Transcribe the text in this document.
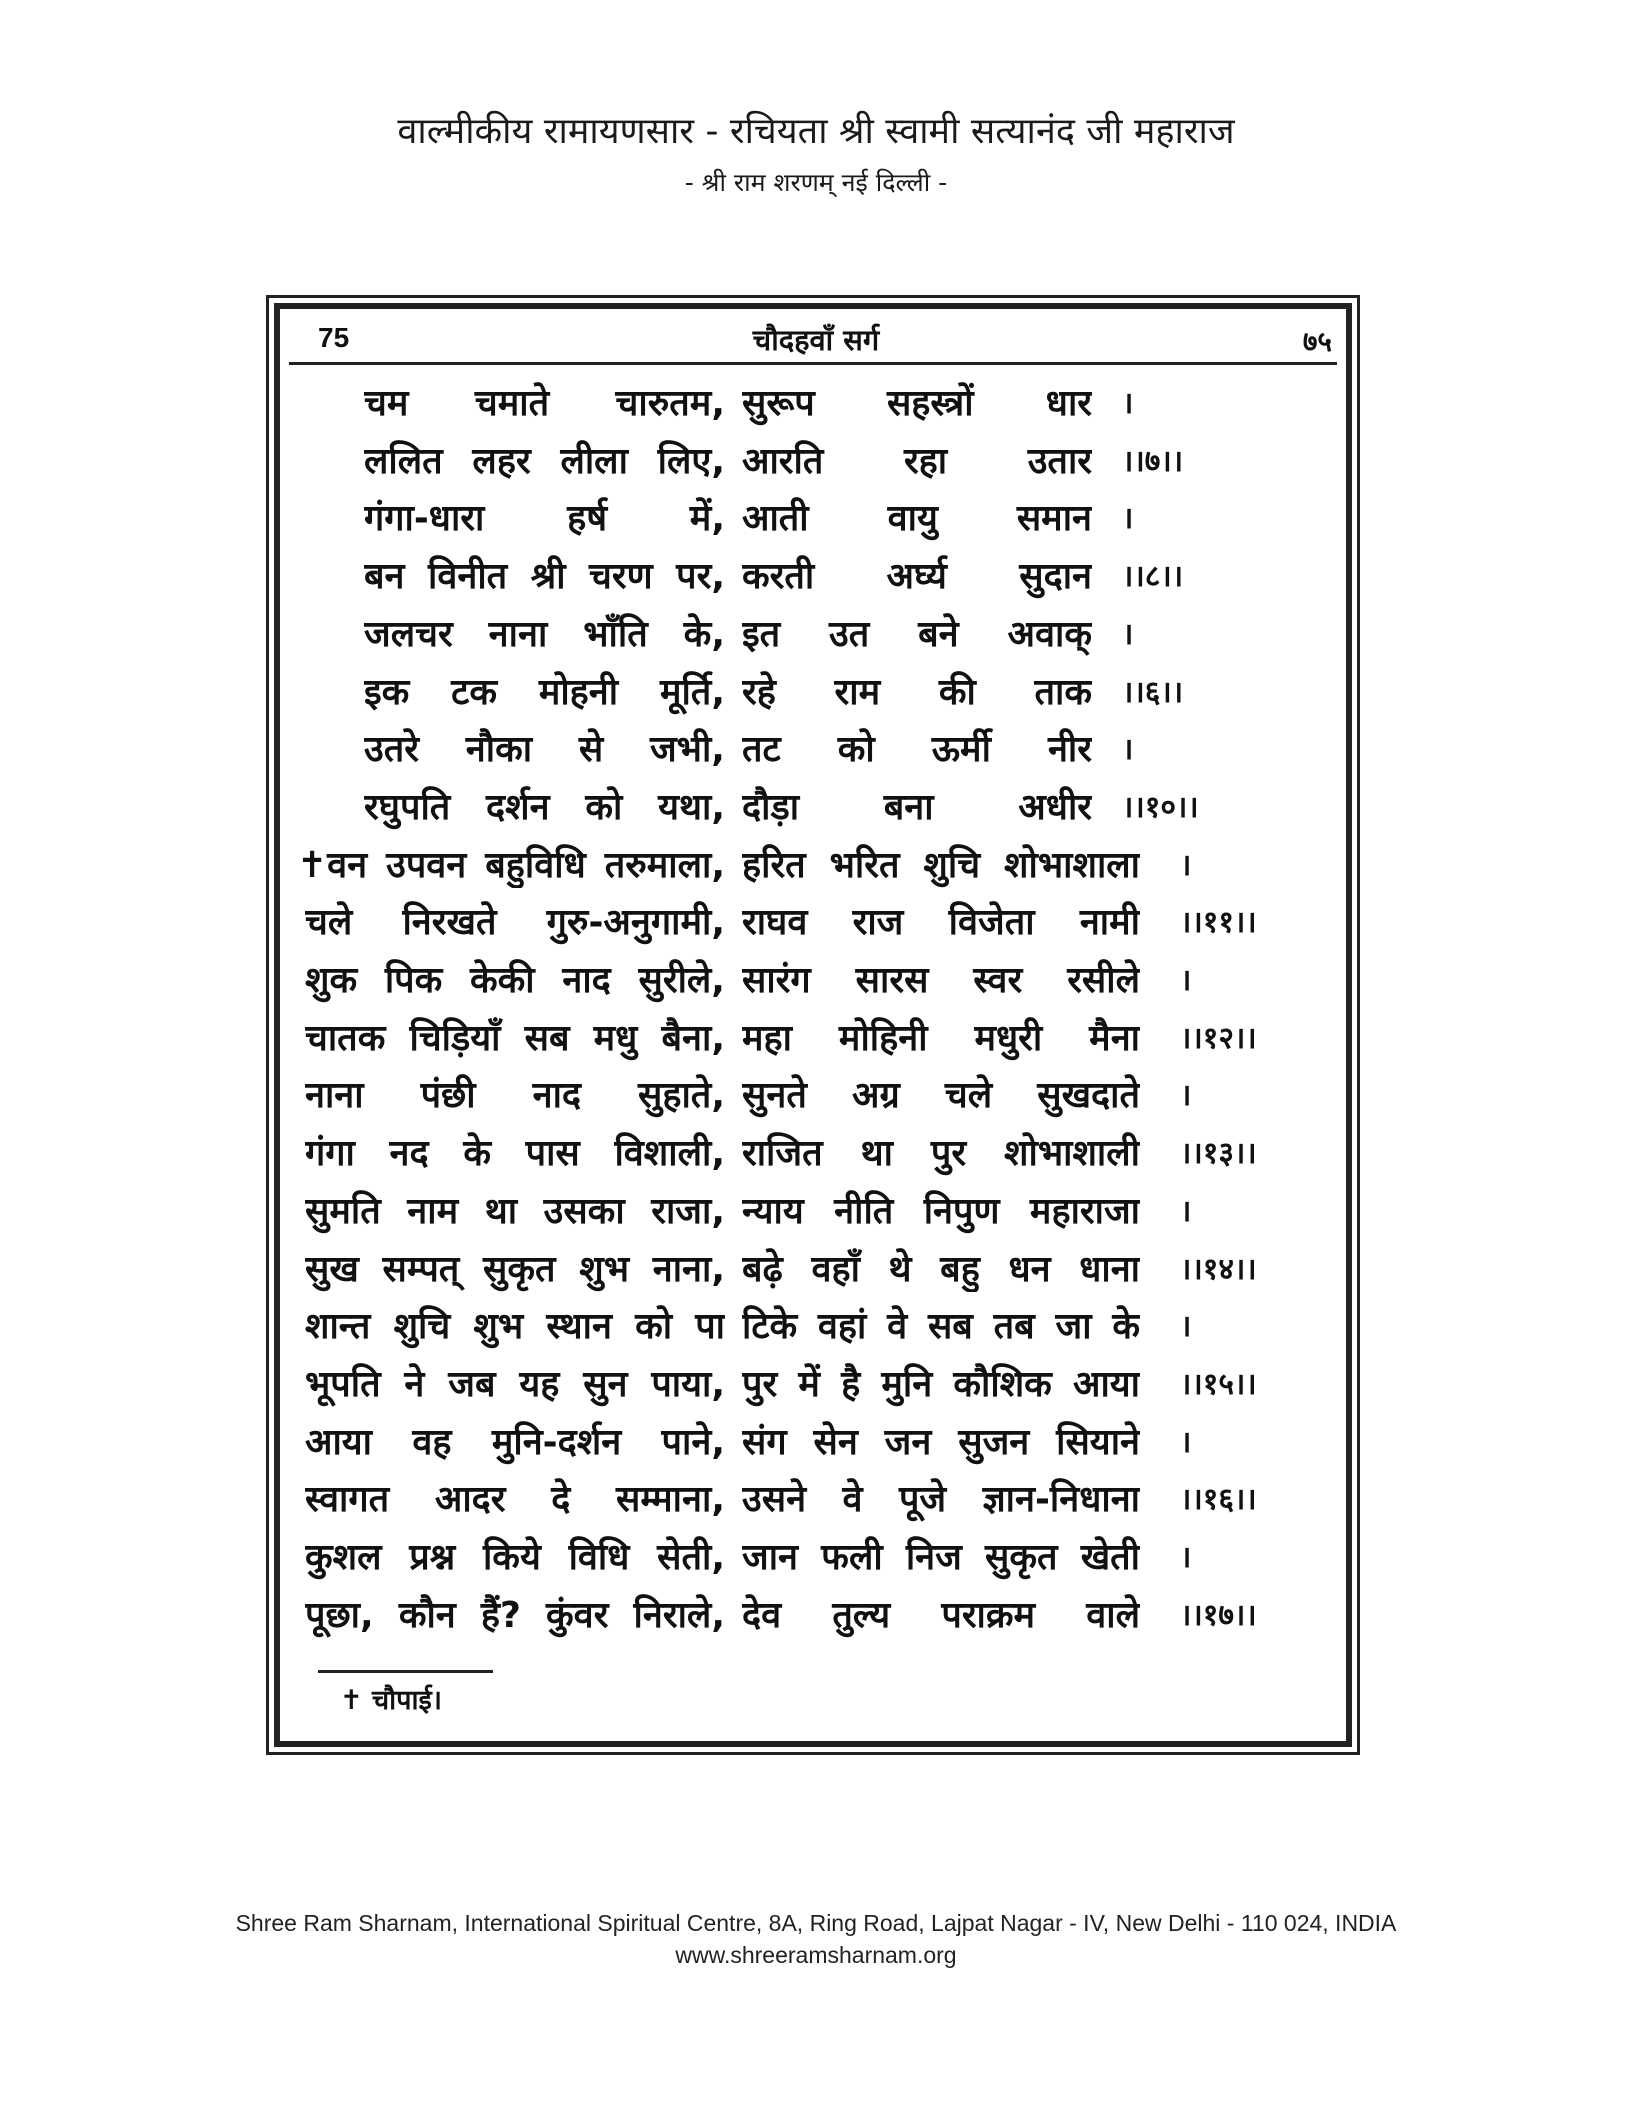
वाल्मीकीय रामायणसार - रचियता श्री स्वामी सत्यानंद जी महाराज
- श्री राम शरणम् नई दिल्ली -
75	चौदहवाँ सर्ग	७५
चम चमाते चारुतम, सुरूप सहस्त्रों धार ।
ललित लहर लीला लिए, आरति रहा उतार ।।७।।
गंगा-धारा हर्ष में, आती वायु समान ।
बन विनीत श्री चरण पर, करती अर्घ्य सुदान ।।८।।
जलचर नाना भाँति के, इत उत बने अवाक् ।
इक टक मोहनी मूर्ति, रहे राम की ताक ।।६।।
उतरे नौका से जभी, तट को ऊर्मी नीर ।
रघुपति दर्शन को यथा, दौड़ा बना अधीर ।।१०।।
✝वन उपवन बहुविधि तरुमाला, हरित भरित शुचि शोभाशाला ।
चले निरखते गुरु-अनुगामी, राघव राज विजेता नामी ।।११।।
शुक पिक केकी नाद सुरीले, सारंग सारस स्वर रसीले ।
चातक चिड़ियाँ सब मधु बैना, महा मोहिनी मधुरी मैना ।।१२।।
नाना पंछी नाद सुहाते, सुनते अग्र चले सुखदाते ।
गंगा नद के पास विशाली, राजित था पुर शोभाशाली ।।१३।।
सुमति नाम था उसका राजा, न्याय नीति निपुण महाराजा ।
सुख सम्पत् सुकृत शुभ नाना, बढ़े वहाँ थे बहु धन धाना ।।१४।।
शान्त शुचि शुभ स्थान को पा टिके वहां वे सब तब जा के ।
भूपति ने जब यह सुन पाया, पुर में है मुनि कौशिक आया ।।१५।।
आया वह मुनि-दर्शन पाने, संग सेन जन सुजन सियाने ।
स्वागत आदर दे सम्माना, उसने वे पूजे ज्ञान-निधाना ।।१६।।
कुशल प्रश्न किये विधि सेती, जान फली निज सुकृत खेती ।
पूछा, कौन हैं? कुंवर निराले, देव तुल्य पराक्रम वाले ।।१७।।
✝ चौपाई।
Shree Ram Sharnam, International Spiritual Centre, 8A, Ring Road, Lajpat Nagar - IV, New Delhi - 110 024, INDIA
www.shreeramsharnam.org
